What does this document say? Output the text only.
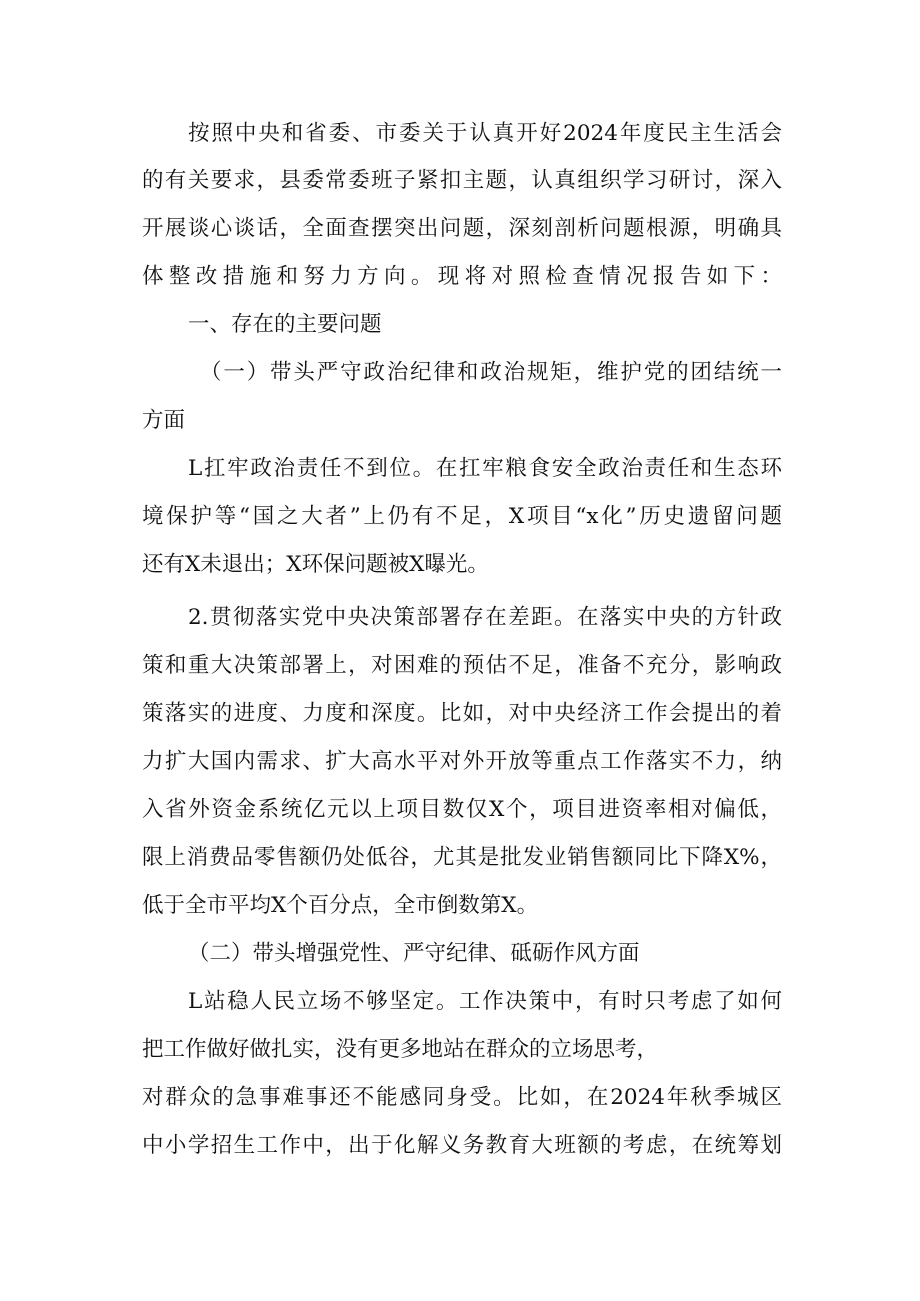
按照中央和省委、市委关于认真开好2024年度民主生活会
的有关要求，县委常委班子紧扣主题，认真组织学习研讨，深入
开展谈心谈话，全面查摆突出问题，深刻剖析问题根源，明确具
体整改措施和努力方向。现将对照检查情况报告如下：
一、存在的主要问题
（一）带头严守政治纪律和政治规矩，维护党的团结统一
方面
L扛牢政治责任不到位。在扛牢粮食安全政治责任和生态环
境保护等“国之大者”上仍有不足，X项目“x化”历史遗留问题
还有X未退出；X环保问题被X曝光。
2.贯彻落实党中央决策部署存在差距。在落实中央的方针政
策和重大决策部署上，对困难的预估不足，准备不充分，影响政
策落实的进度、力度和深度。比如，对中央经济工作会提出的着
力扩大国内需求、扩大高水平对外开放等重点工作落实不力，纳
入省外资金系统亿元以上项目数仅X个，项目进资率相对偏低，
限上消费品零售额仍处低谷，尤其是批发业销售额同比下降X%，
低于全市平均X个百分点，全市倒数第X。
（二）带头增强党性、严守纪律、砥砺作风方面
L站稳人民立场不够坚定。工作决策中，有时只考虑了如何
把工作做好做扎实，没有更多地站在群众的立场思考，
对群众的急事难事还不能感同身受。比如，在2024年秋季城区
中小学招生工作中，出于化解义务教育大班额的考虑，在统筹划
